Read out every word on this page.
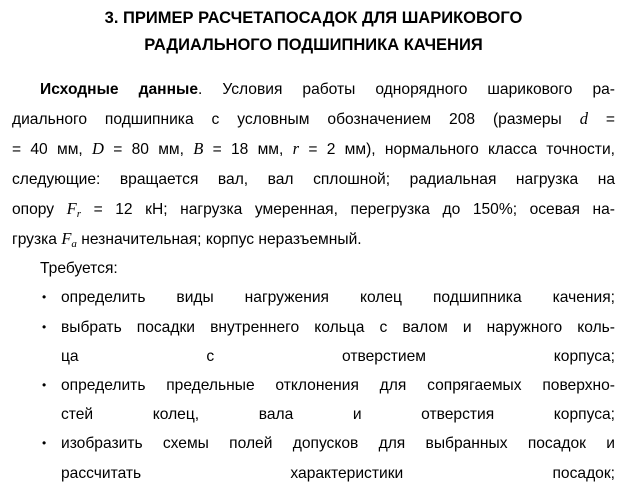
3. ПРИМЕР РАСЧЕТАПОСАДОК ДЛЯ ШАРИКОВОГО
РАДИАЛЬНОГО ПОДШИПНИКА КАЧЕНИЯ
Исходные данные. Условия работы однорядного шарикового ра-
диального подшипника с условным обозначением 208 (размеры d =
= 40 мм, D = 80 мм, B = 18 мм, r = 2 мм), нормального класса точности,
следующие: вращается вал, вал сплошной; радиальная нагрузка на
опору $F_r = 12$ кН; нагрузка умеренная, перегрузка до 150%; осевая на-
грузка $F_a$ незначительная; корпус неразъемный.
Требуется:
• определить виды нагружения колец подшипника качения;
• выбрать посадки внутреннего кольца с валом и наружного коль-
ца с отверстием корпуса;
• определить предельные отклонения для сопрягаемых поверхно-
стей колец, вала и отверстия корпуса;
• изобразить схемы полей допусков для выбранных посадок и
рассчитать характеристики посадок;
